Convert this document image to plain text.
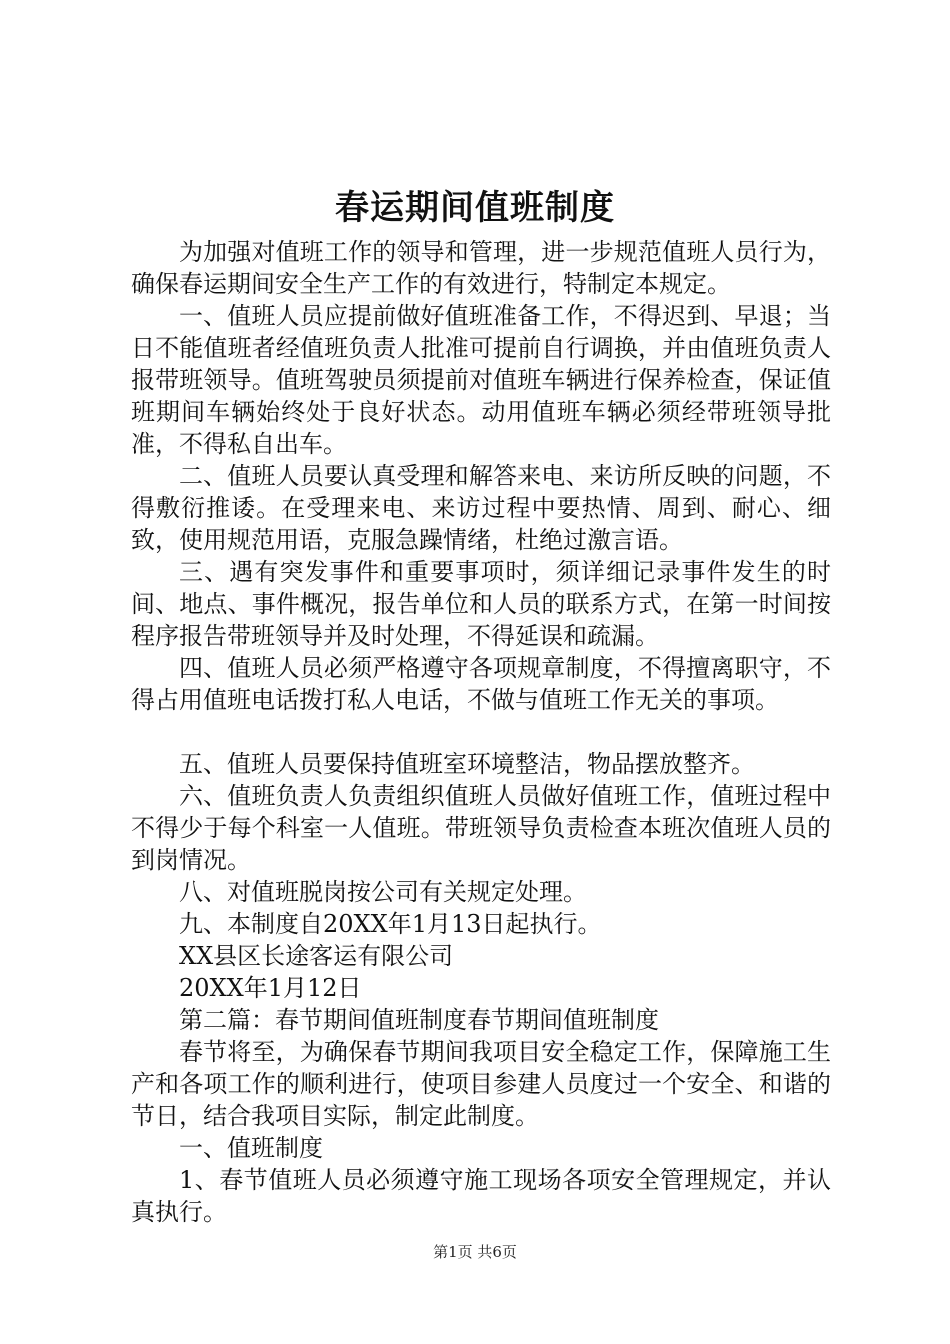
春运期间值班制度

为加强对值班工作的领导和管理，进一步规范值班人员行为，确保春运期间安全生产工作的有效进行，特制定本规定。

一、值班人员应提前做好值班准备工作，不得迟到、早退；当日不能值班者经值班负责人批准可提前自行调换，并由值班负责人报带班领导。值班驾驶员须提前对值班车辆进行保养检查，保证值班期间车辆始终处于良好状态。动用值班车辆必须经带班领导批准，不得私自出车。

二、值班人员要认真受理和解答来电、来访所反映的问题，不得敷衍推诿。在受理来电、来访过程中要热情、周到、耐心、细致，使用规范用语，克服急躁情绪，杜绝过激言语。

三、遇有突发事件和重要事项时，须详细记录事件发生的时间、地点、事件概况，报告单位和人员的联系方式，在第一时间按程序报告带班领导并及时处理，不得延误和疏漏。

四、值班人员必须严格遵守各项规章制度，不得擅离职守，不得占用值班电话拨打私人电话，不做与值班工作无关的事项。

五、值班人员要保持值班室环境整洁，物品摆放整齐。

六、值班负责人负责组织值班人员做好值班工作，值班过程中不得少于每个科室一人值班。带班领导负责检查本班次值班人员的到岗情况。

八、对值班脱岗按公司有关规定处理。

九、本制度自20XX年1月13日起执行。

XX县区长途客运有限公司

20XX年1月12日

第二篇：春节期间值班制度春节期间值班制度

春节将至，为确保春节期间我项目安全稳定工作，保障施工生产和各项工作的顺利进行，使项目参建人员度过一个安全、和谐的节日，结合我项目实际，制定此制度。

一、值班制度

1、春节值班人员必须遵守施工现场各项安全管理规定，并认真执行。

第1页 共6页
